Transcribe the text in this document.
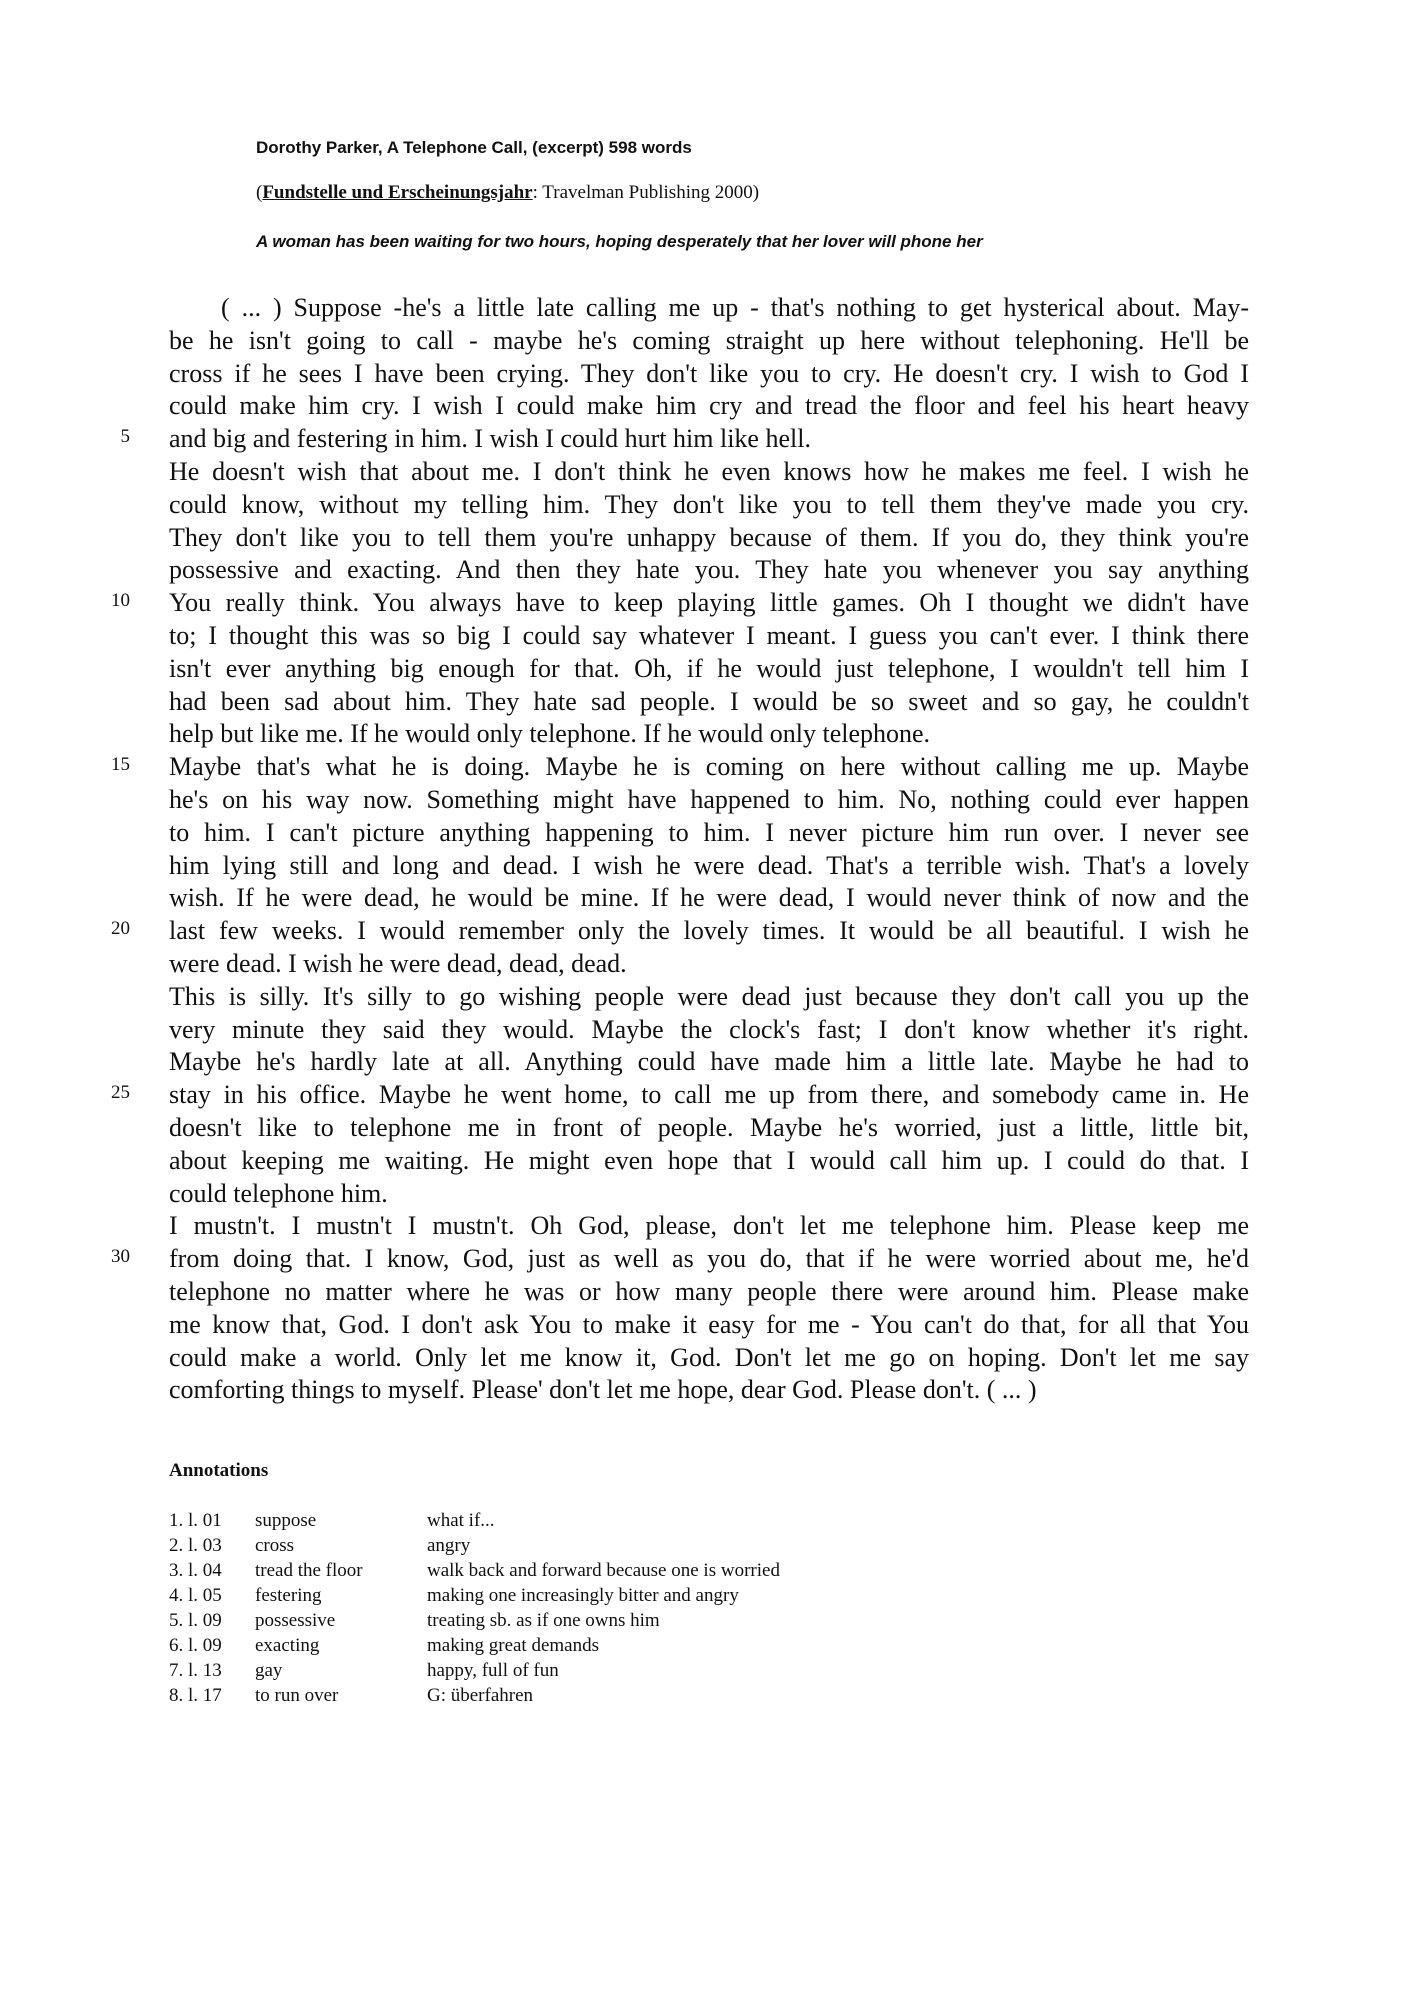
Dorothy Parker, A Telephone Call, (excerpt) 598 words
(Fundstelle und Erscheinungsjahr: Travelman Publishing 2000)
A woman has been waiting for two hours, hoping desperately that her lover will phone her
( ... ) Suppose -he's a little late calling me up - that's nothing to get hysterical about. May-
be he isn't going to call - maybe he's coming straight up here without telephoning. He'll be
cross if he sees I have been crying. They don't like you to cry. He doesn't cry. I wish to God I
could make him cry. I wish I could make him cry and tread the floor and feel his heart heavy
and big and festering in him. I wish I could hurt him like hell.
He doesn't wish that about me. I don't think he even knows how he makes me feel. I wish he
could know, without my telling him. They don't like you to tell them they've made you cry.
They don't like you to tell them you're unhappy because of them. If you do, they think you're
possessive and exacting. And then they hate you. They hate you whenever you say anything
You really think. You always have to keep playing little games. Oh I thought we didn't have
to; I thought this was so big I could say whatever I meant. I guess you can't ever. I think there
isn't ever anything big enough for that. Oh, if he would just telephone, I wouldn't tell him I
had been sad about him. They hate sad people. I would be so sweet and so gay, he couldn't
help but like me. If he would only telephone. If he would only telephone.
Maybe that's what he is doing. Maybe he is coming on here without calling me up. Maybe
he's on his way now. Something might have happened to him. No, nothing could ever happen
to him. I can't picture anything happening to him. I never picture him run over. I never see
him lying still and long and dead. I wish he were dead. That's a terrible wish. That's a lovely
wish. If he were dead, he would be mine. If he were dead, I would never think of now and the
last few weeks. I would remember only the lovely times. It would be all beautiful. I wish he
were dead. I wish he were dead, dead, dead.
This is silly. It's silly to go wishing people were dead just because they don't call you up the
very minute they said they would. Maybe the clock's fast; I don't know whether it's right.
Maybe he's hardly late at all. Anything could have made him a little late. Maybe he had to
stay in his office. Maybe he went home, to call me up from there, and somebody came in. He
doesn't like to telephone me in front of people. Maybe he's worried, just a little, little bit,
about keeping me waiting. He might even hope that I would call him up. I could do that. I
could telephone him.
I mustn't. I mustn't I mustn't. Oh God, please, don't let me telephone him. Please keep me
from doing that. I know, God, just as well as you do, that if he were worried about me, he'd
telephone no matter where he was or how many people there were around him. Please make
me know that, God. I don't ask You to make it easy for me - You can't do that, for all that You
could make a world. Only let me know it, God. Don't let me go on hoping. Don't let me say
comforting things to myself. Please' don't let me hope, dear God. Please don't. ( ... )
5
10
15
20
25
30
Annotations
1. l. 01	suppose	what if...
2. l. 03	cross	angry
3. l. 04	tread the floor	walk back and forward because one is worried
4. l. 05	festering	making one increasingly bitter and angry
5. l. 09	possessive	treating sb. as if one owns him
6. l. 09	exacting	making great demands
7. l. 13	gay	happy, full of fun
8. l. 17	to run over	G: überfahren
